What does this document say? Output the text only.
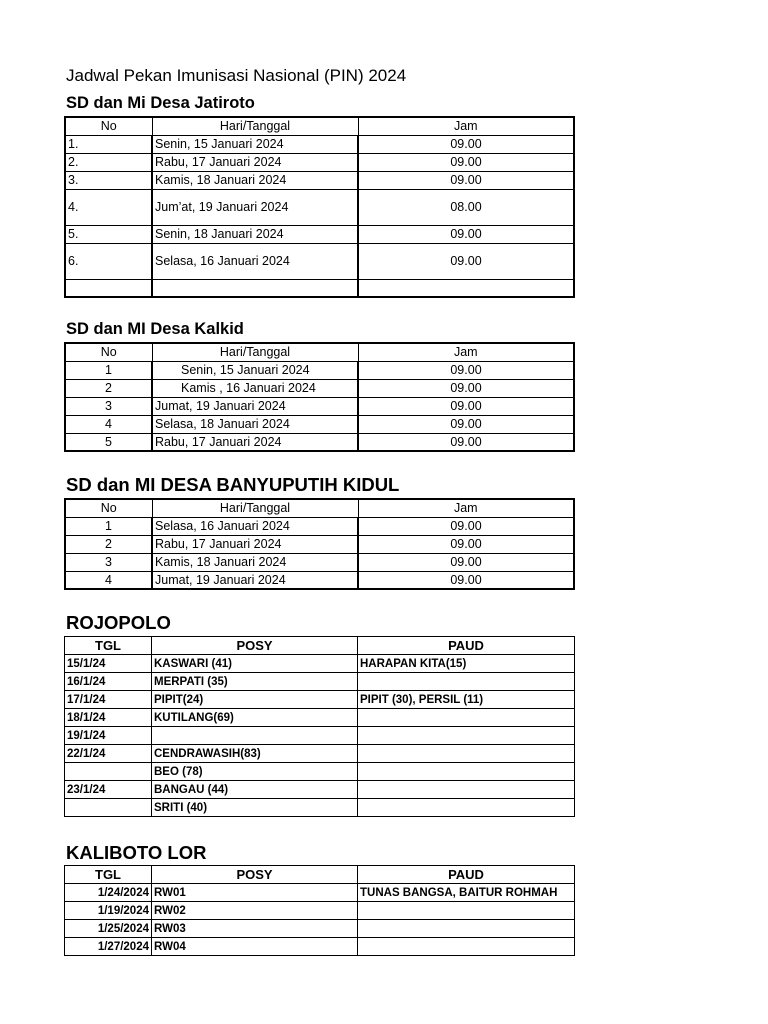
Jadwal Pekan Imunisasi Nasional (PIN) 2024
SD dan Mi Desa Jatiroto
No	Hari/Tanggal	Jam
1.	Senin, 15 Januari 2024	09.00
2.	Rabu, 17 Januari 2024	09.00
3.	Kamis, 18 Januari 2024	09.00
4.	Jum’at, 19 Januari 2024	08.00
5.	Senin, 18 Januari 2024	09.00
6.	Selasa, 16 Januari 2024	09.00

SD dan MI Desa Kalkid
No	Hari/Tanggal	Jam
1	Senin, 15 Januari 2024	09.00
2	Kamis , 16 Januari 2024	09.00
3	Jumat, 19 Januari 2024	09.00
4	Selasa, 18 Januari 2024	09.00
5	Rabu, 17 Januari 2024	09.00
SD dan MI DESA BANYUPUTIH KIDUL
No	Hari/Tanggal	Jam
1	Selasa, 16 Januari 2024	09.00
2	Rabu, 17 Januari 2024	09.00
3	Kamis, 18 Januari 2024	09.00
4	Jumat, 19 Januari 2024	09.00
ROJOPOLO
TGL	POSY	PAUD
15/1/24	KASWARI (41)	HARAPAN KITA(15)
16/1/24	MERPATI (35)	
17/1/24	PIPIT(24)	PIPIT (30), PERSIL (11)
18/1/24	KUTILANG(69)	
19/1/24		
22/1/24	CENDRAWASIH(83)	
	BEO (78)	
23/1/24	BANGAU (44)	
	SRITI (40)	
KALIBOTO LOR
TGL	POSY	PAUD
1/24/2024	RW01	TUNAS BANGSA, BAITUR ROHMAH
1/19/2024	RW02	
1/25/2024	RW03	
1/27/2024	RW04	
